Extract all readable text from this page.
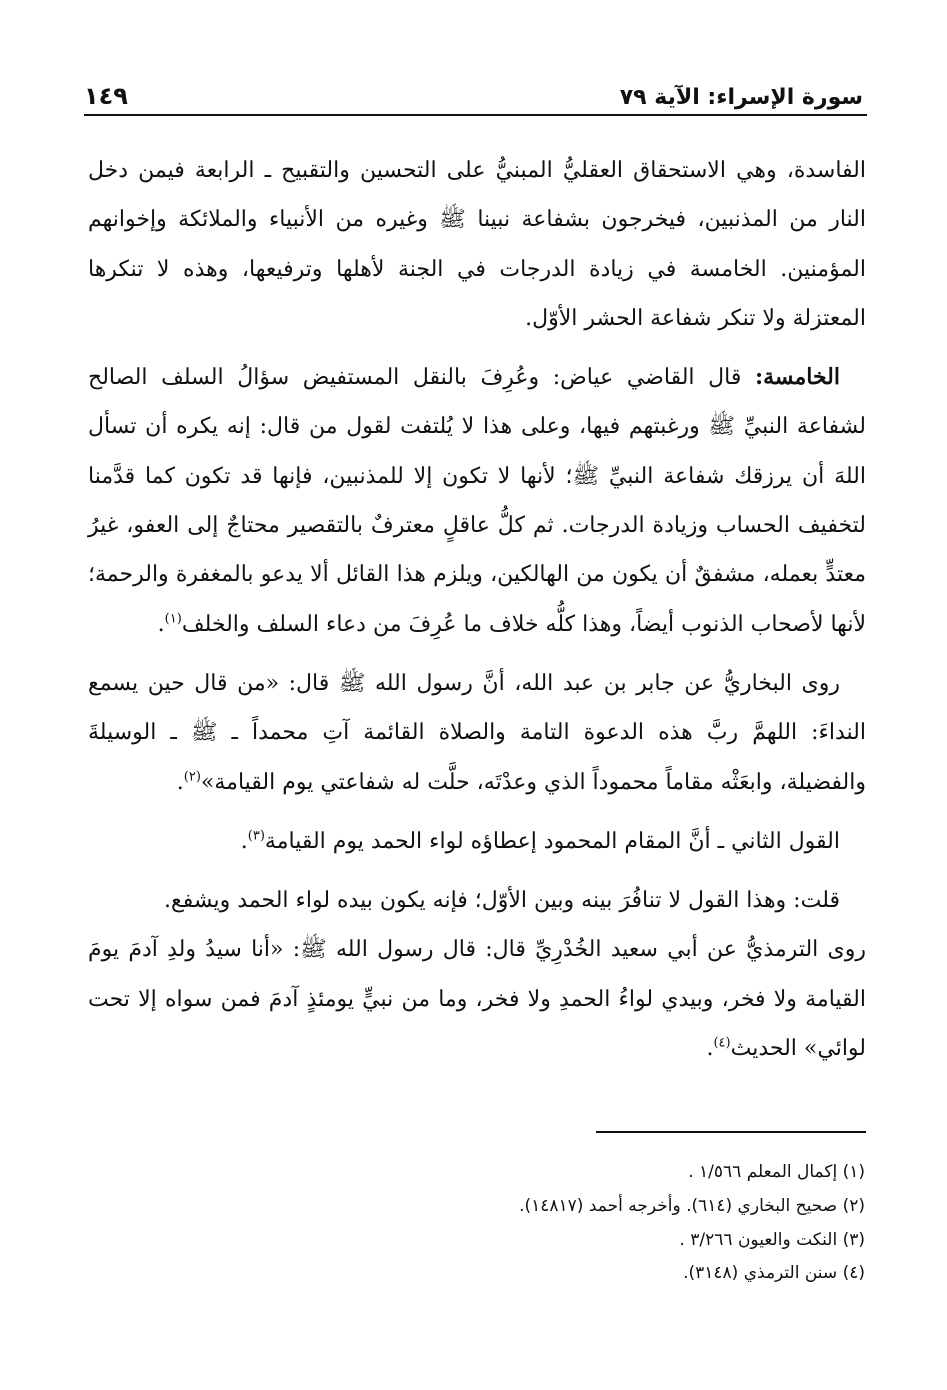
سورة الإسراء: الآية ٧٩
١٤٩

الفاسدة، وهي الاستحقاق العقليُّ المبنيُّ على التحسين والتقبيح ـ الرابعة فيمن دخل النار من المذنبين، فيخرجون بشفاعة نبينا ﷺ وغيره من الأنبياء والملائكة وإخوانهم المؤمنين. الخامسة في زيادة الدرجات في الجنة لأهلها وترفيعها، وهذه لا تنكرها المعتزلة ولا تنكر شفاعة الحشر الأوّل.

الخامسة: قال القاضي عياض: وعُرِفَ بالنقل المستفيض سؤالُ السلف الصالح لشفاعة النبيِّ ﷺ ورغبتهم فيها، وعلى هذا لا يُلتفت لقول من قال: إنه يكره أن تسأل اللهَ أن يرزقك شفاعة النبيِّ ﷺ؛ لأنها لا تكون إلا للمذنبين، فإنها قد تكون كما قدَّمنا لتخفيف الحساب وزيادة الدرجات. ثم كلُّ عاقلٍ معترفٌ بالتقصير محتاجٌ إلى العفو، غيرُ معتدٍّ بعمله، مشفقٌ أن يكون من الهالكين، ويلزم هذا القائل ألا يدعو بالمغفرة والرحمة؛ لأنها لأصحاب الذنوب أيضاً، وهذا كلُّه خلاف ما عُرِفَ من دعاء السلف والخلف$^{(١)}$.

روى البخاريُّ عن جابر بن عبد الله، أنَّ رسول الله ﷺ قال: «من قال حين يسمع النداءَ: اللهمَّ ربَّ هذه الدعوة التامة والصلاة القائمة آتِ محمداً ـ ﷺ ـ الوسيلةَ والفضيلة، وابعَثْه مقاماً محموداً الذي وعدْتَه، حلَّت له شفاعتي يوم القيامة»$^{(٢)}$.

القول الثاني ـ أنَّ المقام المحمود إعطاؤه لواء الحمد يوم القيامة$^{(٣)}$.

قلت: وهذا القول لا تنافُرَ بينه وبين الأوّل؛ فإنه يكون بيده لواء الحمد ويشفع.

روى الترمذيُّ عن أبي سعيد الخُدْرِيِّ قال: قال رسول الله ﷺ: «أنا سيدُ ولدِ آدمَ يومَ القيامة ولا فخر، وبيدي لواءُ الحمدِ ولا فخر، وما من نبيٍّ يومئذٍ آدمَ فمن سواه إلا تحت لوائي» الحديث$^{(٤)}$.

(١) إكمال المعلم ١/٥٦٦ .
(٢) صحيح البخاري (٦١٤). وأخرجه أحمد (١٤٨١٧).
(٣) النكت والعيون ٣/٢٦٦ .
(٤) سنن الترمذي (٣١٤٨).
